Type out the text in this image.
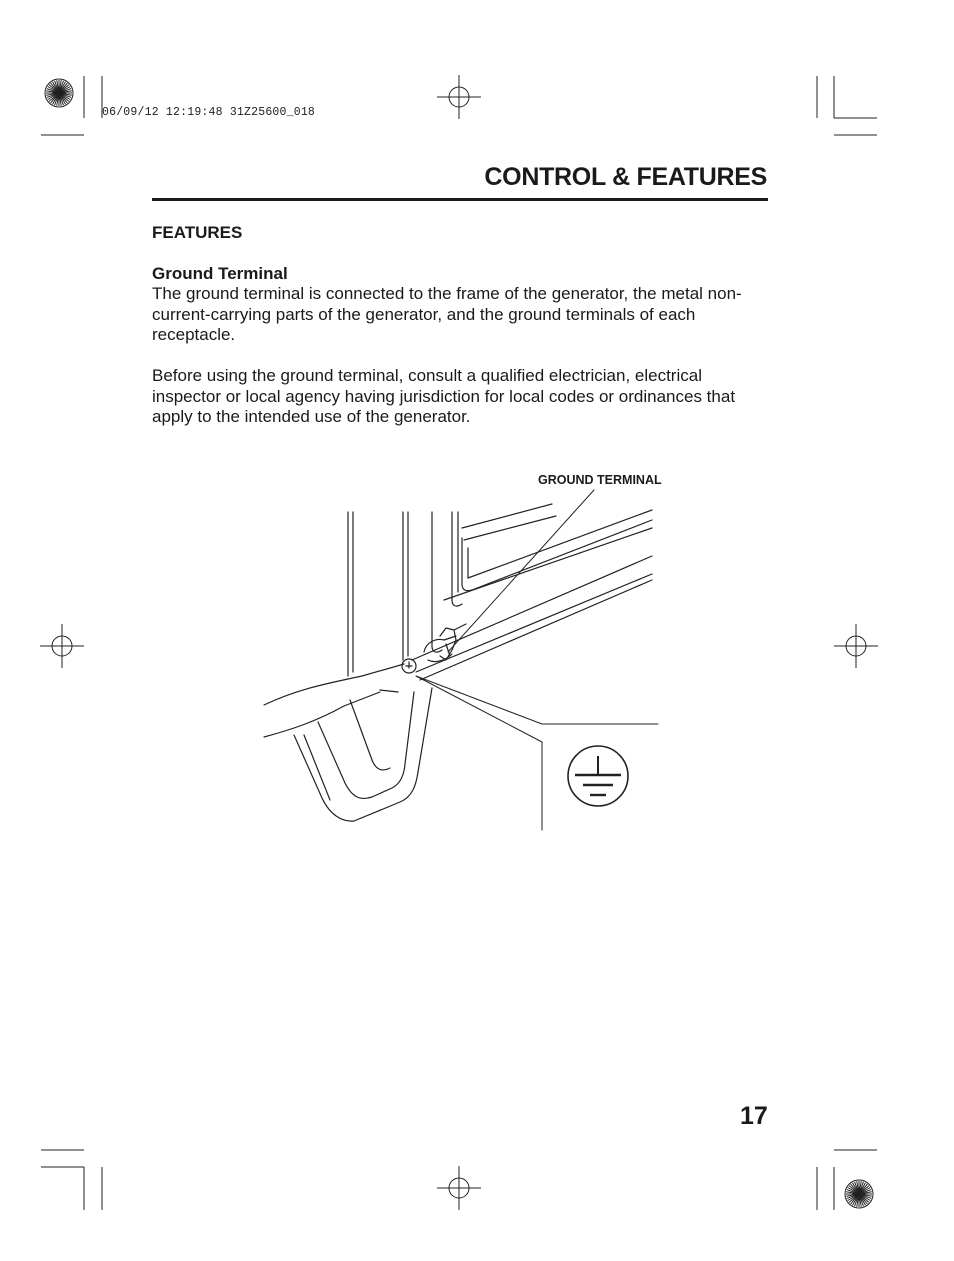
06/09/12 12:19:48 31Z25600_018
CONTROL & FEATURES
FEATURES
Ground Terminal
The ground terminal is connected to the frame of the generator, the metal non-current-carrying parts of the generator, and the ground terminals of each receptacle.
Before using the ground terminal, consult a qualified electrician, electrical inspector or local agency having jurisdiction for local codes or ordinances that apply to the intended use of the generator.
GROUND TERMINAL
17
